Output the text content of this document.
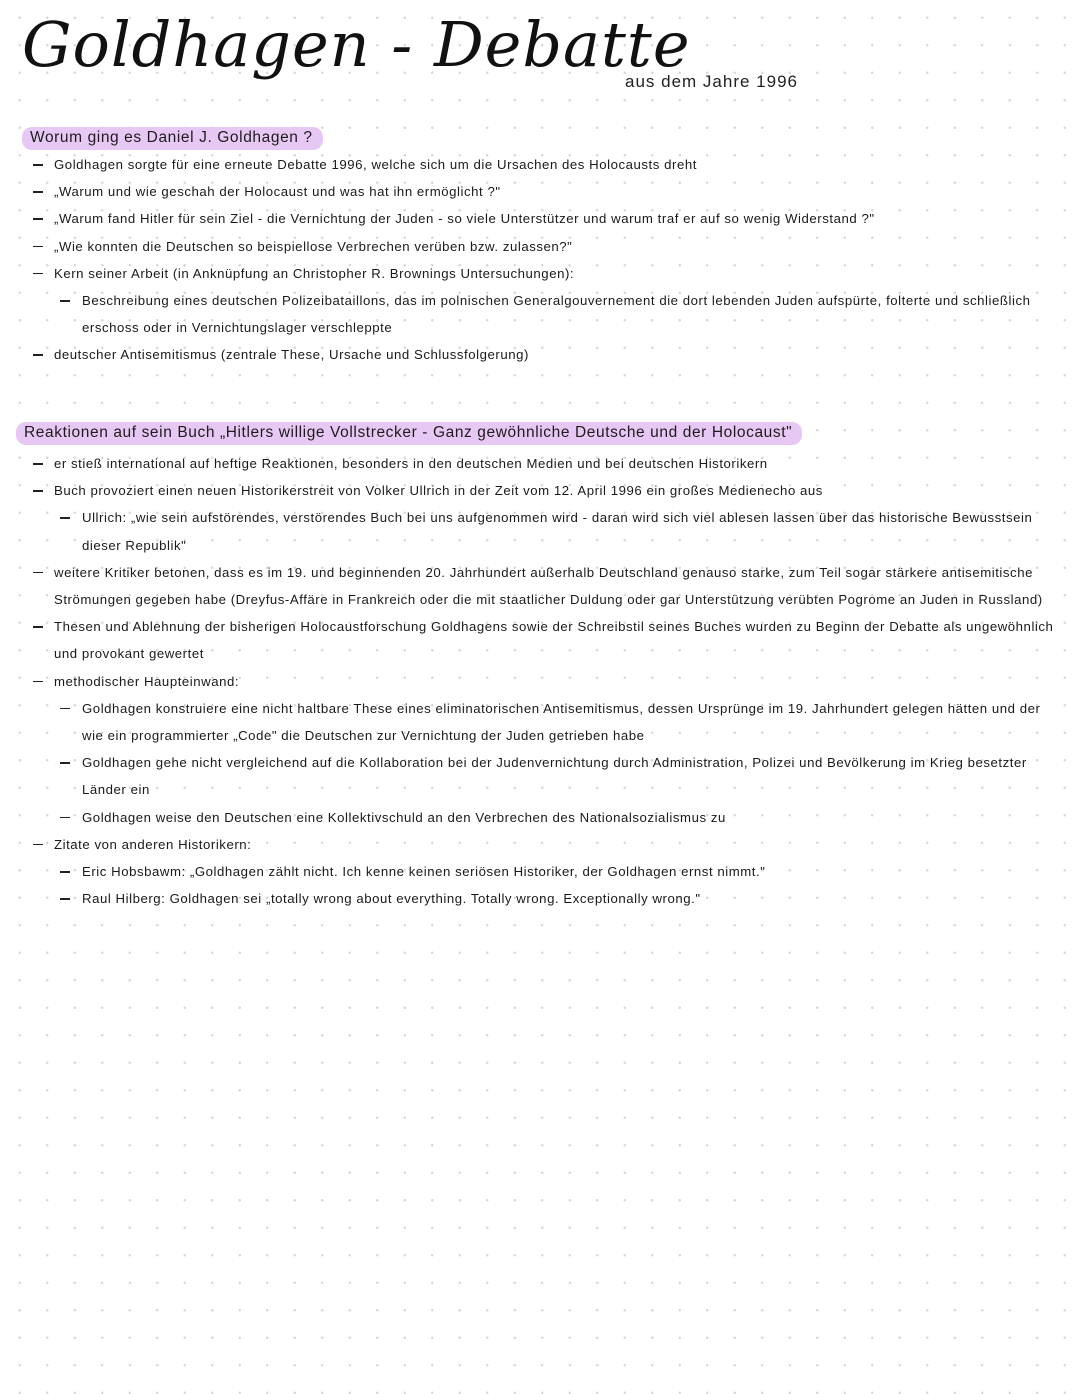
Goldhagen - Debatte
aus dem Jahre 1996
Worum ging es Daniel J. Goldhagen ?
Goldhagen sorgte für eine erneute Debatte 1996, welche sich um die Ursachen des Holocausts dreht
„Warum und wie geschah der Holocaust und was hat ihn ermöglicht ?"
„Warum fand Hitler für sein Ziel - die Vernichtung der Juden - so viele Unterstützer und warum traf er auf so wenig Widerstand ?"
„Wie konnten die Deutschen so beispiellose Verbrechen verüben bzw. zulassen?"
Kern seiner Arbeit (in Anknüpfung an Christopher R. Brownings Untersuchungen):
Beschreibung eines deutschen Polizeibataillons, das im polnischen Generalgouvernement die dort lebenden Juden aufspürte, folterte und schließlich erschoss oder in Vernichtungslager verschleppte
deutscher Antisemitismus (zentrale These, Ursache und Schlussfolgerung)
Reaktionen auf sein Buch „Hitlers willige Vollstrecker - Ganz gewöhnliche Deutsche und der Holocaust"
er stieß international auf heftige Reaktionen, besonders in den deutschen Medien und bei deutschen Historikern
Buch provoziert einen neuen Historikerstreit von Volker Ullrich in der Zeit vom 12. April 1996 ein großes Medienecho aus
Ullrich: „wie sein aufstörendes, verstörendes Buch bei uns aufgenommen wird - daran wird sich viel ablesen lassen über das historische Bewusstsein dieser Republik"
weitere Kritiker betonen, dass es im 19. und beginnenden 20. Jahrhundert außerhalb Deutschland genauso starke, zum Teil sogar stärkere antisemitische Strömungen gegeben habe (Dreyfus-Affäre in Frankreich oder die mit staatlicher Duldung oder gar Unterstützung verübten Pogrome an Juden in Russland)
Thesen und Ablehnung der bisherigen Holocaustforschung Goldhagens sowie der Schreibstil seines Buches wurden zu Beginn der Debatte als ungewöhnlich und provokant gewertet
methodischer Haupteinwand:
Goldhagen konstruiere eine nicht haltbare These eines eliminatorischen Antisemitismus, dessen Ursprünge im 19. Jahrhundert gelegen hätten und der wie ein programmierter „Code" die Deutschen zur Vernichtung der Juden getrieben habe
Goldhagen gehe nicht vergleichend auf die Kollaboration bei der Judenvernichtung durch Administration, Polizei und Bevölkerung im Krieg besetzter Länder ein
Goldhagen weise den Deutschen eine Kollektivschuld an den Verbrechen des Nationalsozialismus zu
Zitate von anderen Historikern:
Eric Hobsbawm: „Goldhagen zählt nicht. Ich kenne keinen seriösen Historiker, der Goldhagen ernst nimmt."
Raul Hilberg: Goldhagen sei „totally wrong about everything. Totally wrong. Exceptionally wrong."
